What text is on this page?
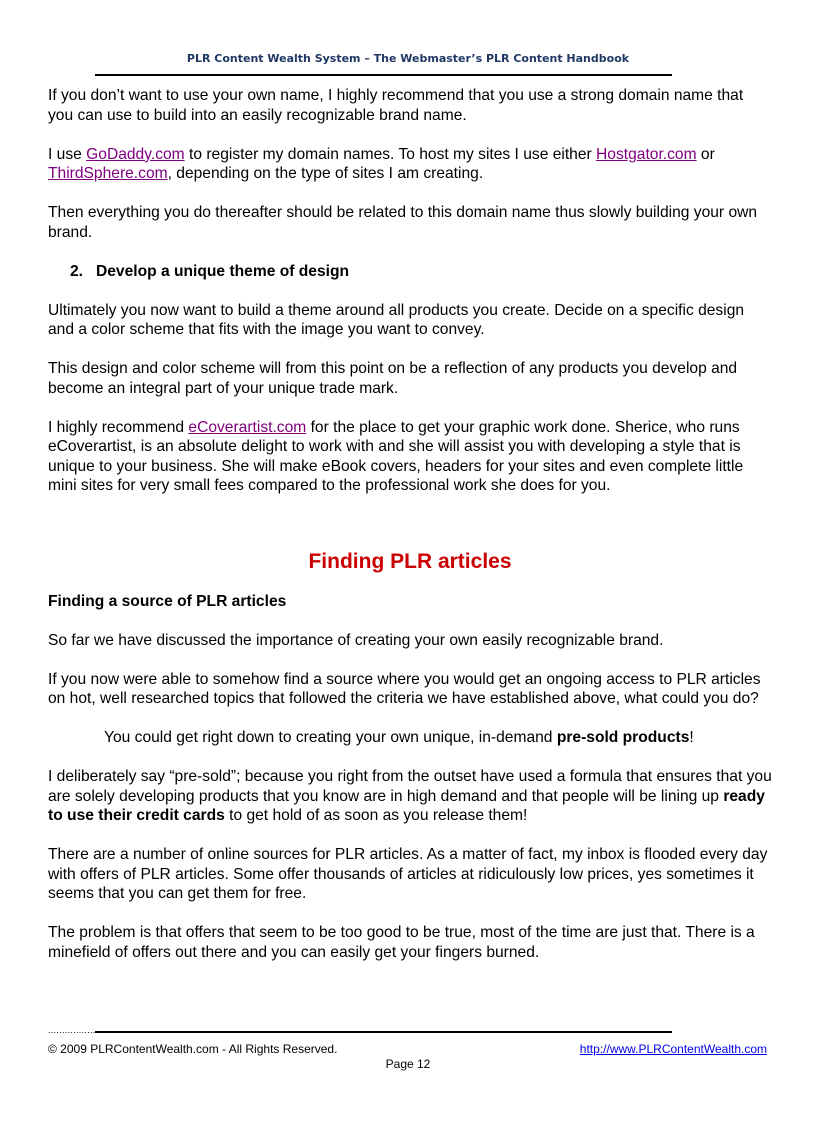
PLR Content Wealth System – The Webmaster’s PLR Content Handbook

If you don’t want to use your own name, I highly recommend that you use a strong domain name that you can use to build into an easily recognizable brand name.

I use GoDaddy.com to register my domain names. To host my sites I use either Hostgator.com or ThirdSphere.com, depending on the type of sites I am creating.

Then everything you do thereafter should be related to this domain name thus slowly building your own brand.

2. Develop a unique theme of design

Ultimately you now want to build a theme around all products you create. Decide on a specific design and a color scheme that fits with the image you want to convey.

This design and color scheme will from this point on be a reflection of any products you develop and become an integral part of your unique trade mark.

I highly recommend eCoverartist.com for the place to get your graphic work done. Sherice, who runs eCoverartist, is an absolute delight to work with and she will assist you with developing a style that is unique to your business. She will make eBook covers, headers for your sites and even complete little mini sites for very small fees compared to the professional work she does for you.

Finding PLR articles
Finding a source of PLR articles

So far we have discussed the importance of creating your own easily recognizable brand.

If you now were able to somehow find a source where you would get an ongoing access to PLR articles on hot, well researched topics that followed the criteria we have established above, what could you do?

You could get right down to creating your own unique, in-demand pre-sold products!

I deliberately say “pre-sold”; because you right from the outset have used a formula that ensures that you are solely developing products that you know are in high demand and that people will be lining up ready to use their credit cards to get hold of as soon as you release them!

There are a number of online sources for PLR articles. As a matter of fact, my inbox is flooded every day with offers of PLR articles. Some offer thousands of articles at ridiculously low prices, yes sometimes it seems that you can get them for free.

The problem is that offers that seem to be too good to be true, most of the time are just that. There is a minefield of offers out there and you can easily get your fingers burned.

...............................................................................................................................................................
© 2009 PLRContentWealth.com - All Rights Reserved.	http://www.PLRContentWealth.com
Page 12
